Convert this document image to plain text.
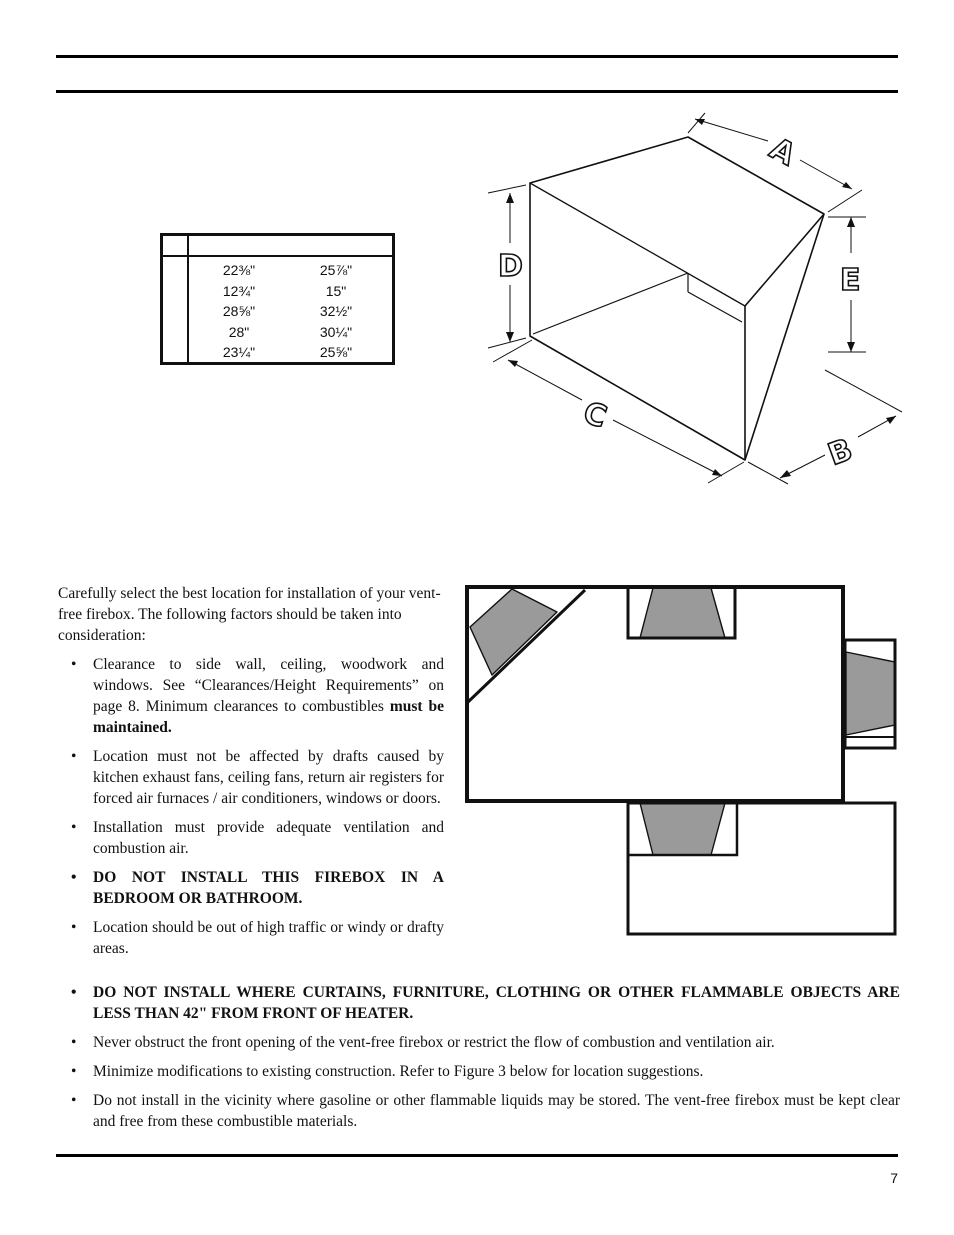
22⅜"
12¾"
28⅝"
28"
23¼"
25⅞"
15"
32½"
30¼"
25⅝"
A
D	E
C
B
Carefully select the best location for installation of your vent-free firebox. The following factors should be taken into consideration:
• Clearance to side wall, ceiling, woodwork and windows. See “Clearances/Height Requirements” on page 8. Minimum clearances to combustibles must be maintained.
• Location must not be affected by drafts caused by kitchen exhaust fans, ceiling fans, return air registers for forced air furnaces / air conditioners, windows or doors.
• Installation must provide adequate ventilation and combustion air.
• DO NOT INSTALL THIS FIREBOX IN A BEDROOM OR BATHROOM.
• Location should be out of high traffic or windy or drafty areas.
• DO NOT INSTALL WHERE CURTAINS, FURNITURE, CLOTHING OR OTHER FLAMMABLE OBJECTS ARE LESS THAN 42" FROM FRONT OF HEATER.
• Never obstruct the front opening of the vent-free firebox or restrict the flow of combustion and ventilation air.
• Minimize modifications to existing construction. Refer to Figure 3 below for location suggestions.
• Do not install in the vicinity where gasoline or other flammable liquids may be stored. The vent-free firebox must be kept clear and free from these combustible materials.
7
